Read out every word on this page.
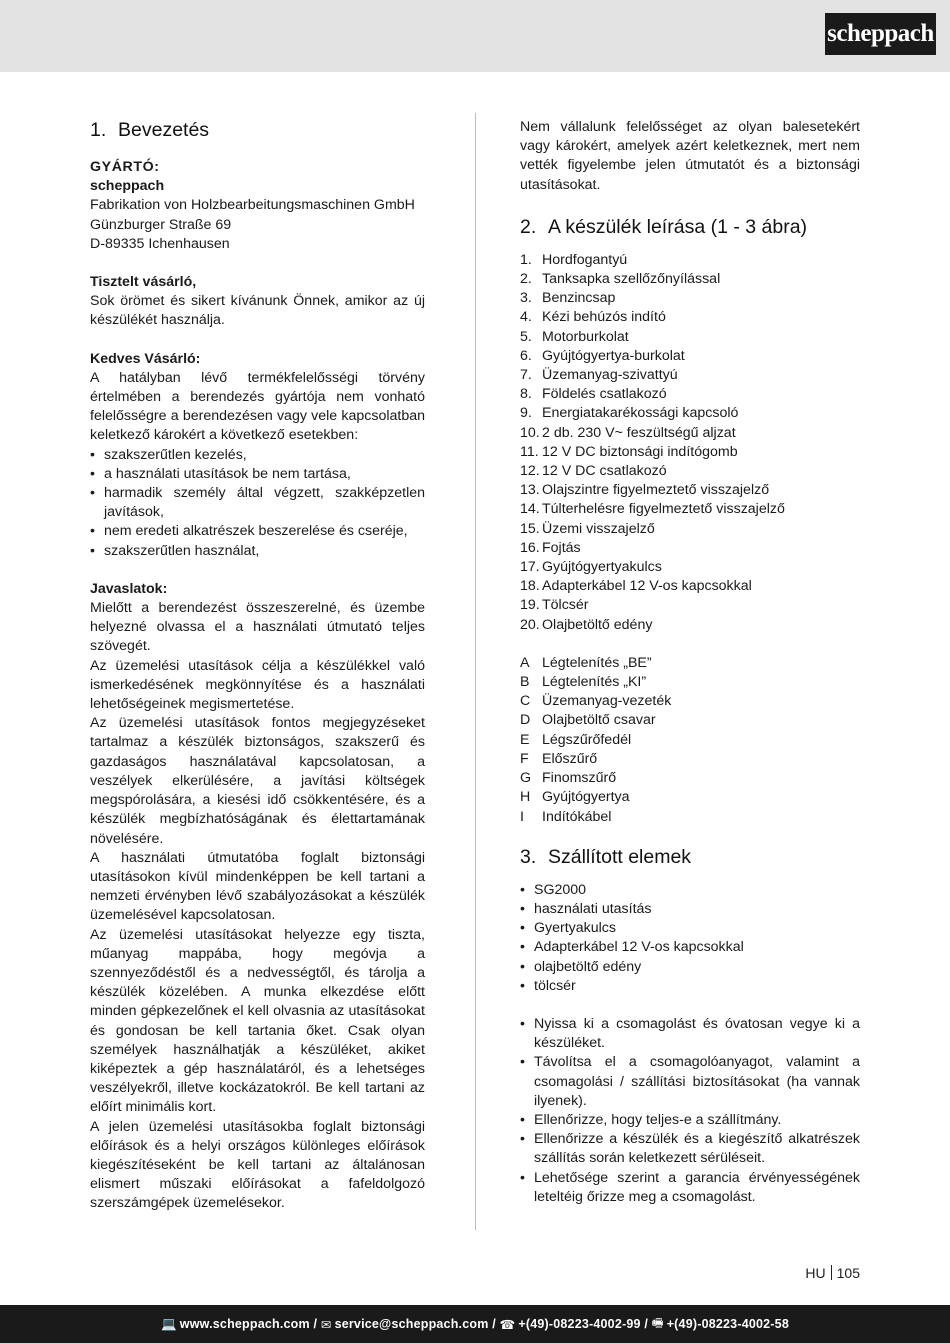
scheppach
1. Bevezetés
GYÁRTÓ:
scheppach
Fabrikation von Holzbearbeitungsmaschinen GmbH
Günzburger Straße 69
D-89335 Ichenhausen
Tisztelt vásárló,

Sok örömet és sikert kívánunk Önnek, amikor az új készülékét használja.

Kedves Vásárló:

A hatályban lévő termékfelelősségi törvény értelmében a berendezés gyártója nem vonható felelősségre a berendezésen vagy vele kapcsolatban keletkező károkért a következő esetekben:

• szakszerűtlen kezelés,
• a használati utasítások be nem tartása,
• harmadik személy által végzett, szakképzetlen javítások,
• nem eredeti alkatrészek beszerelése és cseréje,
• szakszerűtlen használat,
Javaslatok:

Mielőtt a berendezést összeszerelné, és üzembe helyezné olvassa el a használati útmutató teljes szövegét.

Az üzemelési utasítások célja a készülékkel való ismerkedésének megkönnyítése és a használati lehetőségeinek megismertetése.

Az üzemelési utasítások fontos megjegyzéseket tartalmaz a készülék biztonságos, szakszerű és gazdaságos használatával kapcsolatosan, a veszélyek elkerülésére, a javítási költségek megspórolására, a kiesési idő csökkentésére, és a készülék megbízhatóságának és élettartamának növelésére.

A használati útmutatóba foglalt biztonsági utasításokon kívül mindenképpen be kell tartani a nemzeti érvényben lévő szabályozásokat a készülék üzemelésével kapcsolatosan.

Az üzemelési utasításokat helyezze egy tiszta, műanyag mappába, hogy megóvja a szennyeződéstől és a nedvességtől, és tárolja a készülék közelében. A munka elkezdése előtt minden gépkezelőnek el kell olvasnia az utasításokat és gondosan be kell tartania őket. Csak olyan személyek használhatják a készüléket, akiket kiképeztek a gép használatáról, és a lehetséges veszélyekről, illetve kockázatokról. Be kell tartani az előírt minimális kort.

A jelen üzemelési utasításokba foglalt biztonsági előírások és a helyi országos különleges előírások kiegészítéseként be kell tartani az általánosan elismert műszaki előírásokat a fafeldolgozó szerszámgépek üzemelésekor.

Nem vállalunk felelősséget az olyan balesetekért vagy károkért, amelyek azért keletkeznek, mert nem vették figyelembe jelen útmutatót és a biztonsági utasításokat.

2. A készülék leírása (1 - 3 ábra)
1. Hordfogantyú
2. Tanksapka szellőzőnyílással
3. Benzincsap
4. Kézi behúzós indító
5. Motorburkolat
6. Gyújtógyertya-burkolat
7. Üzemanyag-szivattyú
8. Földelés csatlakozó
9. Energiatakarékossági kapcsoló
10. 2 db. 230 V~ feszültségű aljzat
11. 12 V DC biztonsági indítógomb
12. 12 V DC csatlakozó
13. Olajszintre figyelmeztető visszajelző
14. Túlterhelésre figyelmeztető visszajelző
15. Üzemi visszajelző
16. Fojtás
17. Gyújtógyertyakulcs
18. Adapterkábel 12 V-os kapcsokkal
19. Tölcsér
20. Olajbetöltő edény
A Légtelenítés „BE”
B Légtelenítés „KI”
C Üzemanyag-vezeték
D Olajbetöltő csavar
E Légszűrőfedél
F Előszűrő
G Finomszűrő
H Gyújtógyertya
I	Indítókábel
3. Szállított elemek
• SG2000
• használati utasítás
• Gyertyakulcs
• Adapterkábel 12 V-os kapcsokkal
• olajbetöltő edény
• tölcsér
• Nyissa ki a csomagolást és óvatosan vegye ki a készüléket.
• Távolítsa el a csomagolóanyagot, valamint a csomagolási / szállítási biztosításokat (ha vannak ilyenek).
• Ellenőrizze, hogy teljes-e a szállítmány.
• Ellenőrizze a készülék és a kiegészítő alkatrészek szállítás során keletkezett sérüléseit.
• Lehetősége szerint a garancia érvényességének leteltéig őrizze meg a csomagolást.
HU 105
💻 www.scheppach.com / ✉ service@scheppach.com / ☎ +(49)-08223-4002-99 / 🖷 +(49)-08223-4002-58
